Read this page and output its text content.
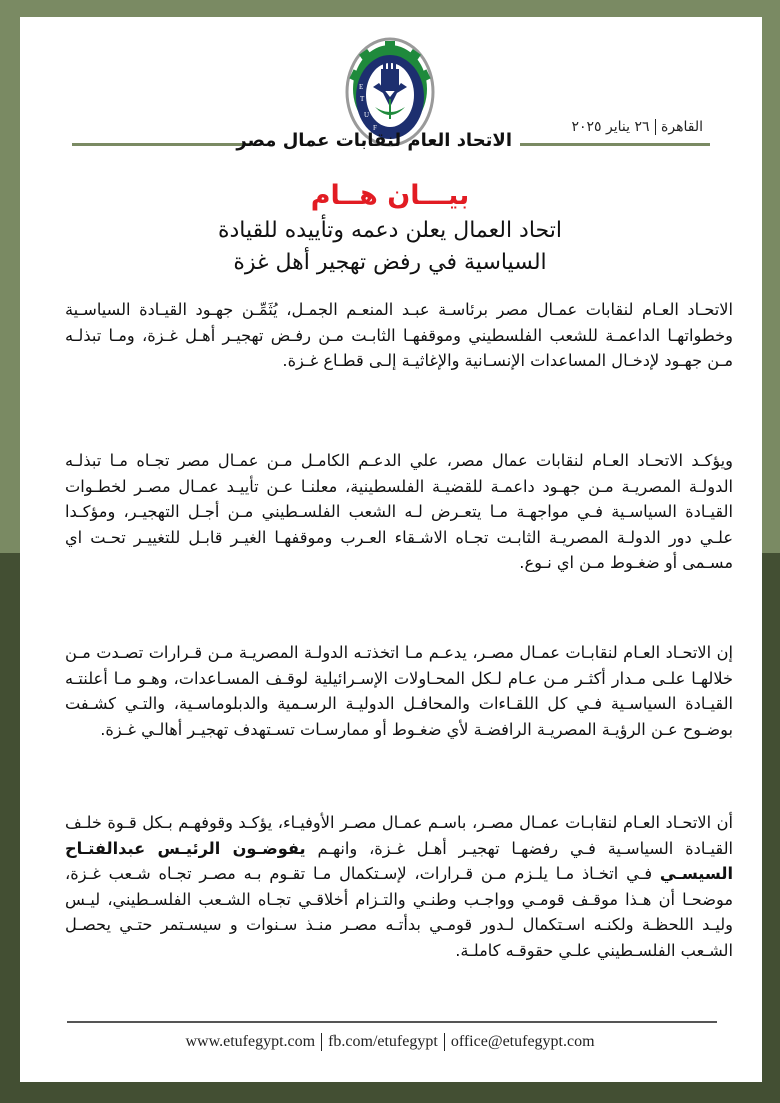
E
T
U
F	القاهرة٢٦ يناير ٢٠٢٥
الاتحاد العام لنقابات عمال مصر
بيـــان هــام
اتحاد العمال يعلن دعمه وتأييده للقيادة
السياسية في رفض تهجير أهل غزة
الاتحـاد العـام لنقابات عمـال مصر برئاسـة عبـد المنعـم الجمـل، يُثَمِّـن جهـود القيـادة السياسـية وخطواتهـا الداعمـة للشعب الفلسطيني وموقفهـا الثابـت مـن رفـض تهجيـر أهـل غـزة، ومـا تبذلـه مـن جهـود لإدخـال المساعدات الإنسـانية والإغاثيـة إلـى قطـاع غـزة.
ويؤكـد الاتحـاد العـام لنقابات عمال مصر، علي الدعـم الكامـل مـن عمـال مصر تجـاه مـا تبذلـه الدولـة المصريـة مـن جهـود داعمـة للقضيـة الفلسطينية، معلنـا عـن تأييـد عمـال مصـر لخطـوات القيـادة السياسـية فـي مواجهـة مـا يتعـرض لـه الشعب الفلسـطيني مـن أجـل التهجيـر، ومؤكـدا علـي دور الدولـة المصريـة الثابـت تجـاه الاشـقاء العـرب وموقفهـا الغيـر قابـل للتغييـر تحـت اي مسـمى أو ضغـوط مـن اي نـوع.
إن الاتحـاد العـام لنقابـات عمـال مصـر، يدعـم مـا اتخذتـه الدولـة المصريـة مـن قـرارات تصـدت مـن خلالهـا علـى مـدار أكثـر مـن عـام لـكل المحـاولات الإسـرائيلية لوقـف المسـاعدات، وهـو مـا أعلنتـه القيـادة السياسـية فـي كل اللقـاءات والمحافـل الدوليـة الرسـمية والدبلوماسـية، والتـي كشـفت بوضـوح عـن الرؤيـة المصريـة الرافضـة لأي ضغـوط أو ممارسـات تسـتهدف تهجيـر أهالـي غـزة.
أن الاتحـاد العـام لنقابـات عمـال مصـر، باسـم عمـال مصـر الأوفيـاء، يؤكـد وقوفهـم بـكل قـوة خلـف القيـادة السياسـية فـي رفضهـا تهجيـر أهـل غـزة، وانهـم يفوضـون الرئيـس عبدالفتـاح السيسـي فـي اتخـاذ مـا يلـزم مـن قـرارات، لإسـتكمال مـا تقـوم بـه مصـر تجـاه شـعب غـزة، موضحـا أن هـذا موقـف قومـي وواجـب وطنـي والتـزام أخلاقـي تجـاه الشـعب الفلسـطيني، ليـس وليـد اللحظـة ولكنـه اسـتكمال لـدور قومـي بدأتـه مصـر منـذ سـنوات و سيسـتمر حتـي يحصـل الشـعب الفلسـطيني علـي حقوقـه كاملـة.
www.etufegypt.com fb.com/etufegypt office@etufegypt.com
